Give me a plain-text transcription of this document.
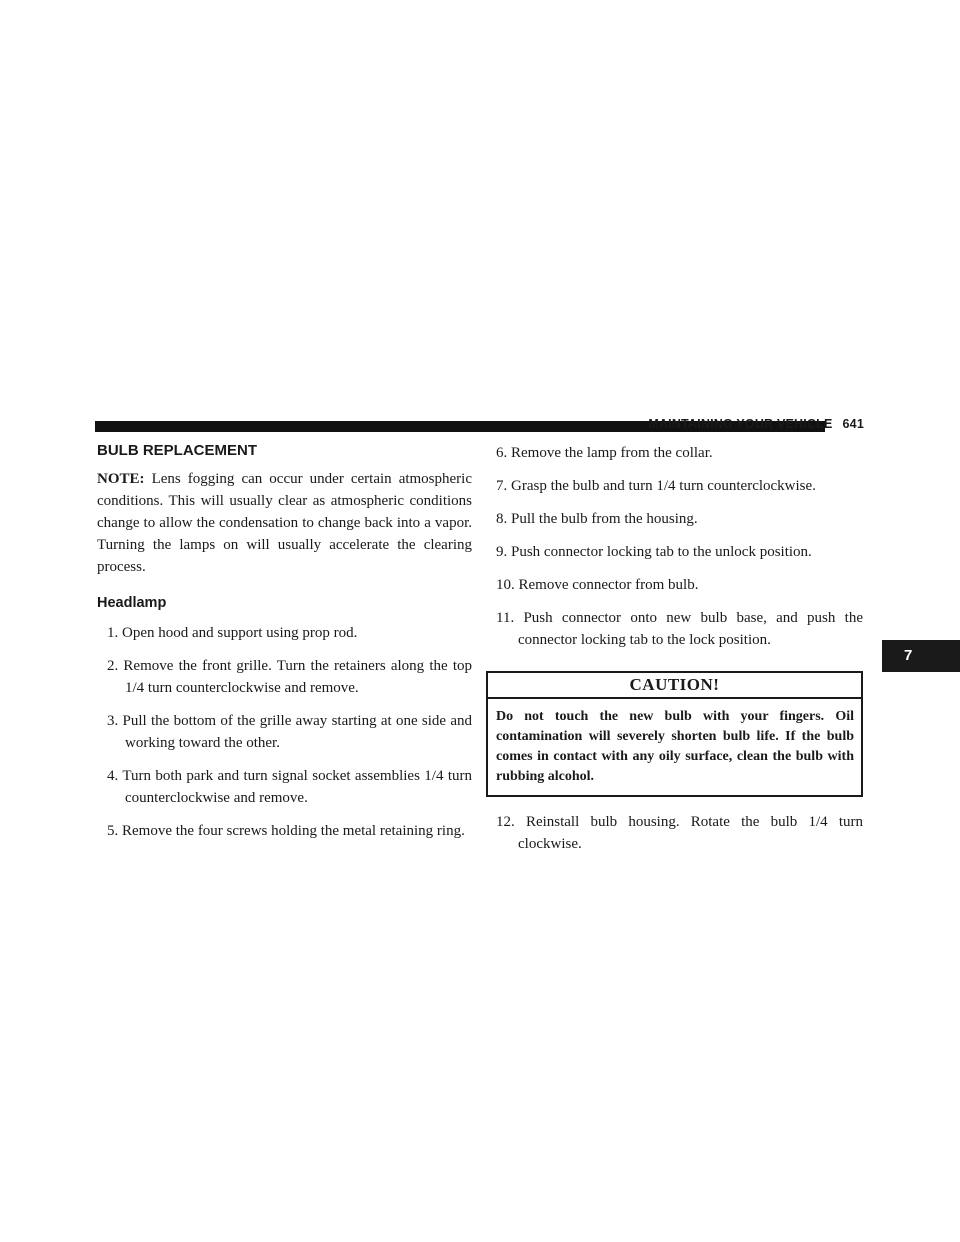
MAINTAINING YOUR VEHICLE 641
7
BULB REPLACEMENT

NOTE: Lens fogging can occur under certain atmospheric conditions. This will usually clear as atmospheric conditions change to allow the condensation to change back into a vapor. Turning the lamps on will usually accelerate the clearing process.

Headlamp
1. Open hood and support using prop rod.
2. Remove the front grille. Turn the retainers along the top 1/4 turn counterclockwise and remove.
3. Pull the bottom of the grille away starting at one side and working toward the other.
4. Turn both park and turn signal socket assemblies 1/4 turn counterclockwise and remove.
5. Remove the four screws holding the metal retaining ring.
6. Remove the lamp from the collar.
7. Grasp the bulb and turn 1/4 turn counterclockwise.
8. Pull the bulb from the housing.
9. Push connector locking tab to the unlock position.
10. Remove connector from bulb.
11. Push connector onto new bulb base, and push the connector locking tab to the lock position.
CAUTION!
Do not touch the new bulb with your fingers. Oil contamination will severely shorten bulb life. If the bulb comes in contact with any oily surface, clean the bulb with rubbing alcohol.
12. Reinstall bulb housing. Rotate the bulb 1/4 turn clockwise.
